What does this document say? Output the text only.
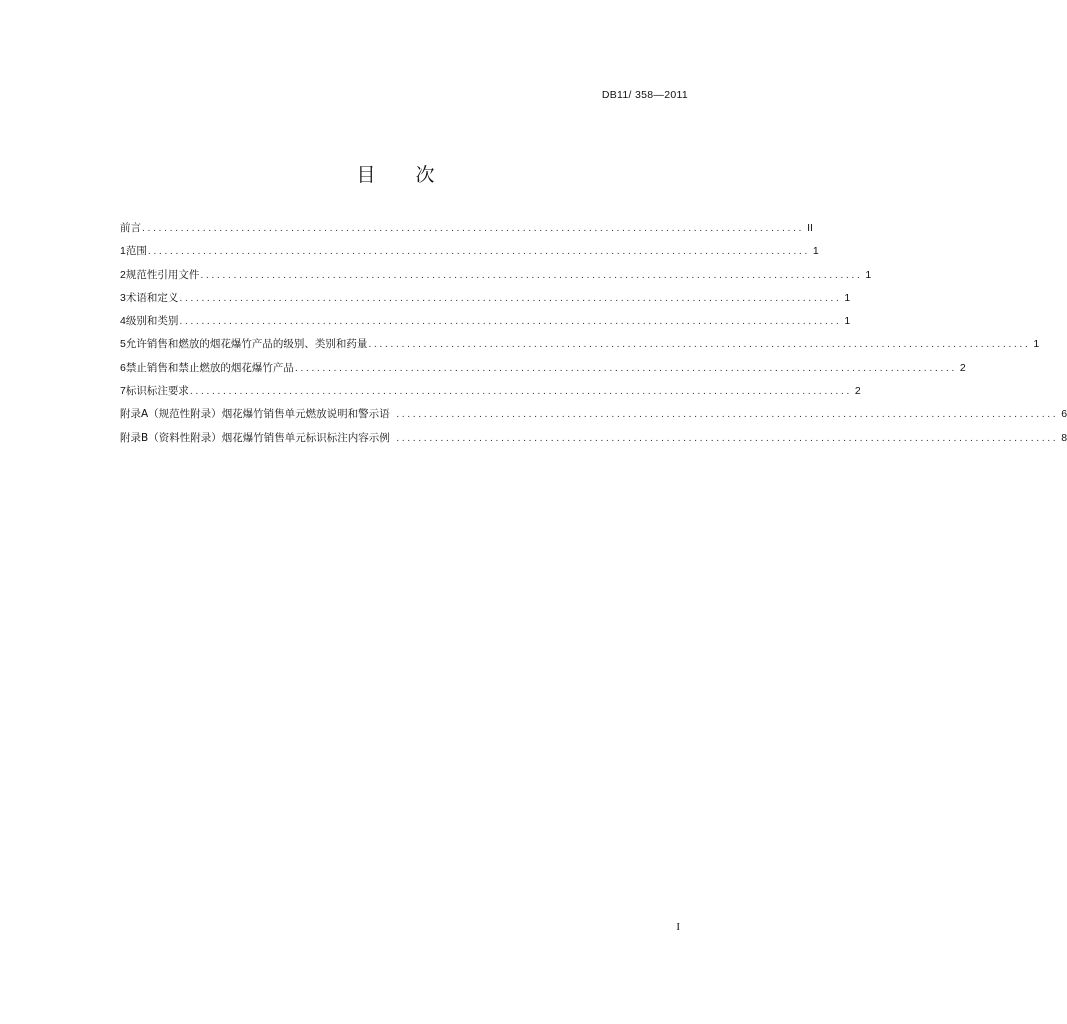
DB11/ 358—2011
目次
前言 ........................................................................................................................ II
1 范围 ........................................................................................................................ 1
2 规范性引用文件 ........................................................................................................................ 1
3 术语和定义 ........................................................................................................................ 1
4 级别和类别 ........................................................................................................................ 1
5 允许销售和燃放的烟花爆竹产品的级别、类别和药量 ........................................................................................................................ 1
6 禁止销售和禁止燃放的烟花爆竹产品 ........................................................................................................................ 2
7 标识标注要求 ........................................................................................................................ 2
附录A（规范性附录） 烟花爆竹销售单元燃放说明和警示语 ........................................................................................................................ 6
附录B（资料性附录） 烟花爆竹销售单元标识标注内容示例 ........................................................................................................................ 8
I
